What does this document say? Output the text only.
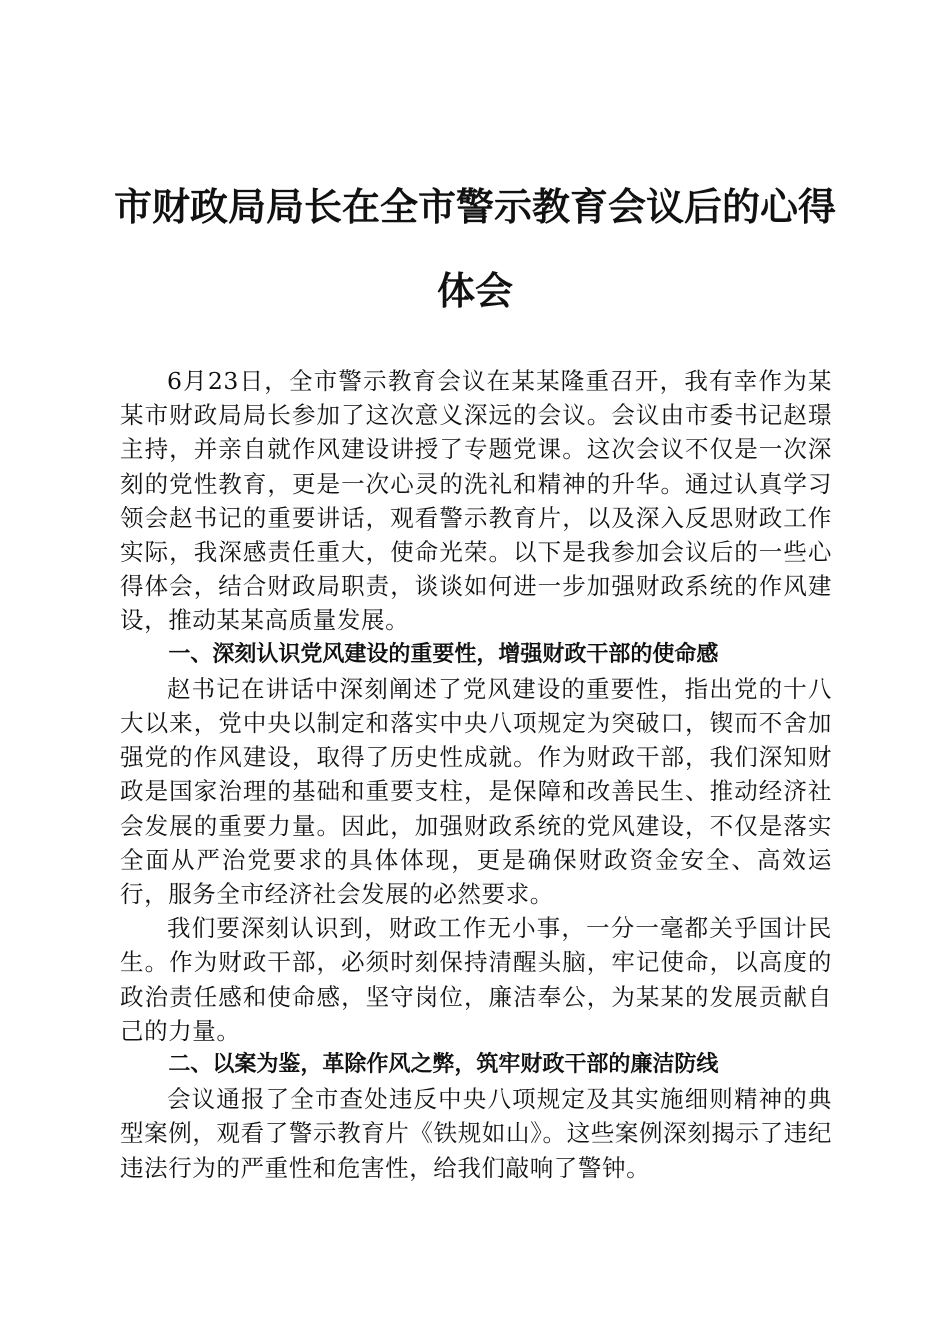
市财政局局长在全市警示教育会议后的心得体会

6月23日，全市警示教育会议在某某隆重召开，我有幸作为某某市财政局局长参加了这次意义深远的会议。会议由市委书记赵璟主持，并亲自就作风建设讲授了专题党课。这次会议不仅是一次深刻的党性教育，更是一次心灵的洗礼和精神的升华。通过认真学习领会赵书记的重要讲话，观看警示教育片，以及深入反思财政工作实际，我深感责任重大，使命光荣。以下是我参加会议后的一些心得体会，结合财政局职责，谈谈如何进一步加强财政系统的作风建设，推动某某高质量发展。

一、深刻认识党风建设的重要性，增强财政干部的使命感

赵书记在讲话中深刻阐述了党风建设的重要性，指出党的十八大以来，党中央以制定和落实中央八项规定为突破口，锲而不舍加强党的作风建设，取得了历史性成就。作为财政干部，我们深知财政是国家治理的基础和重要支柱，是保障和改善民生、推动经济社会发展的重要力量。因此，加强财政系统的党风建设，不仅是落实全面从严治党要求的具体体现，更是确保财政资金安全、高效运行，服务全市经济社会发展的必然要求。

我们要深刻认识到，财政工作无小事，一分一毫都关乎国计民生。作为财政干部，必须时刻保持清醒头脑，牢记使命，以高度的政治责任感和使命感，坚守岗位，廉洁奉公，为某某的发展贡献自己的力量。

二、以案为鉴，革除作风之弊，筑牢财政干部的廉洁防线

会议通报了全市查处违反中央八项规定及其实施细则精神的典型案例，观看了警示教育片《铁规如山》。这些案例深刻揭示了违纪违法行为的严重性和危害性，给我们敲响了警钟。
